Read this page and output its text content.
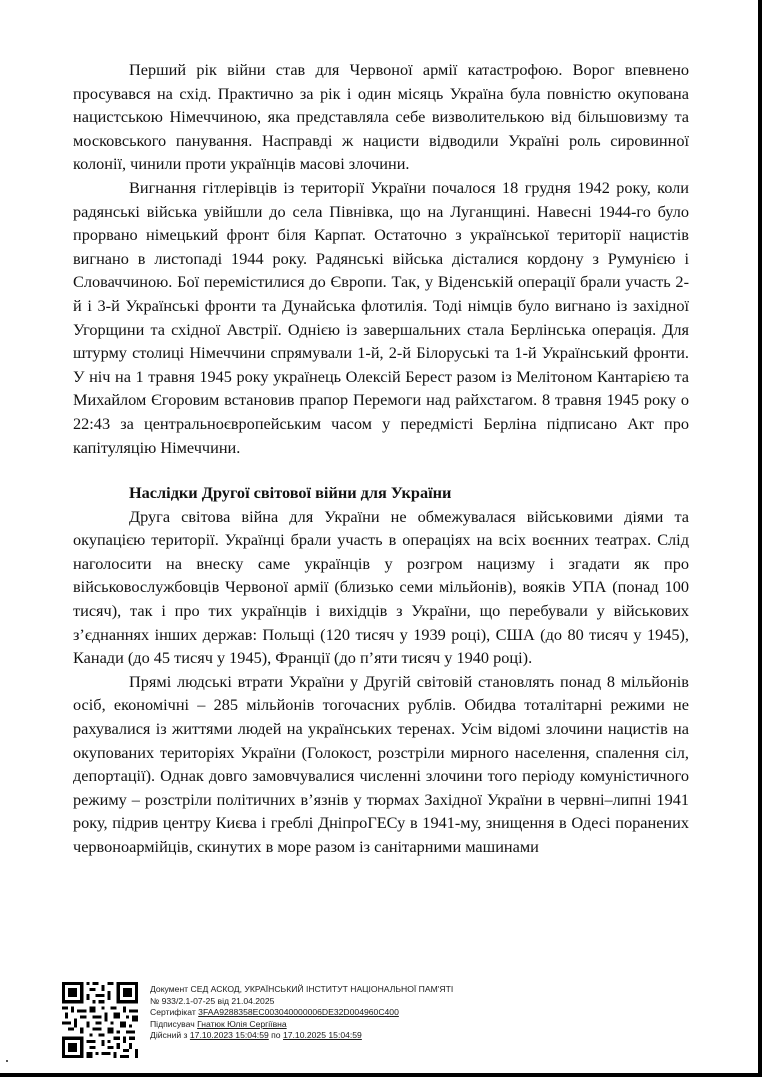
Перший рік війни став для Червоної армії катастрофою. Ворог впевнено просувався на схід. Практично за рік і один місяць Україна була повністю окупована нацистською Німеччиною, яка представляла себе визволителькою від більшовизму та московського панування. Насправді ж нацисти відводили Україні роль сировинної колонії, чинили проти українців масові злочини.

Вигнання гітлерівців із території України почалося 18 грудня 1942 року, коли радянські війська увійшли до села Півнівка, що на Луганщині. Навесні 1944-го було прорвано німецький фронт біля Карпат. Остаточно з української території нацистів вигнано в листопаді 1944 року. Радянські війська дісталися кордону з Румунією і Словаччиною. Бої перемістилися до Європи. Так, у Віденській операції брали участь 2-й і 3-й Українські фронти та Дунайська флотилія. Тоді німців було вигнано із західної Угорщини та східної Австрії. Однією із завершальних стала Берлінська операція. Для штурму столиці Німеччини спрямували 1-й, 2-й Білоруські та 1-й Український фронти. У ніч на 1 травня 1945 року українець Олексій Берест разом із Мелітоном Кантарією та Михайлом Єгоровим встановив прапор Перемоги над райхстагом. 8 травня 1945 року о 22:43 за центральноєвропейським часом у передмісті Берліна підписано Акт про капітуляцію Німеччини.

Наслідки Другої світової війни для України

Друга світова війна для України не обмежувалася військовими діями та окупацією території. Українці брали участь в операціях на всіх воєнних театрах. Слід наголосити на внеску саме українців у розгром нацизму і згадати як про військовослужбовців Червоної армії (близько семи мільйонів), вояків УПА (понад 100 тисяч), так і про тих українців і вихідців з України, що перебували у військових з’єднаннях інших держав: Польщі (120 тисяч у 1939 році), США (до 80 тисяч у 1945), Канади (до 45 тисяч у 1945), Франції (до п’яти тисяч у 1940 році).

Прямі людські втрати України у Другій світовій становлять понад 8 мільйонів осіб, економічні – 285 мільйонів тогочасних рублів. Обидва тоталітарні режими не рахувалися із життями людей на українських теренах. Усім відомі злочини нацистів на окупованих територіях України (Голокост, розстріли мирного населення, спалення сіл, депортації). Однак довго замовчувалися численні злочини того періоду комуністичного режиму – розстріли політичних в’язнів у тюрмах Західної України в червні–липні 1941 року, підрив центру Києва і греблі ДніпроГЕСу в 1941-му, знищення в Одесі поранених червоноармійців, скинутих в море разом із санітарними машинами

Документ СЕД АСКОД, УКРАЇНСЬКИЙ ІНСТИТУТ НАЦІОНАЛЬНОЇ ПАМ'ЯТІ
№ 933/2.1-07-25 від 21.04.2025
Сертифікат 3FAA9288358EC003040000006DE32D004960C400
Підписувач Гнатюк Юлія Сергіївна
Дійсний з 17.10.2023 15:04:59 по 17.10.2025 15:04:59
